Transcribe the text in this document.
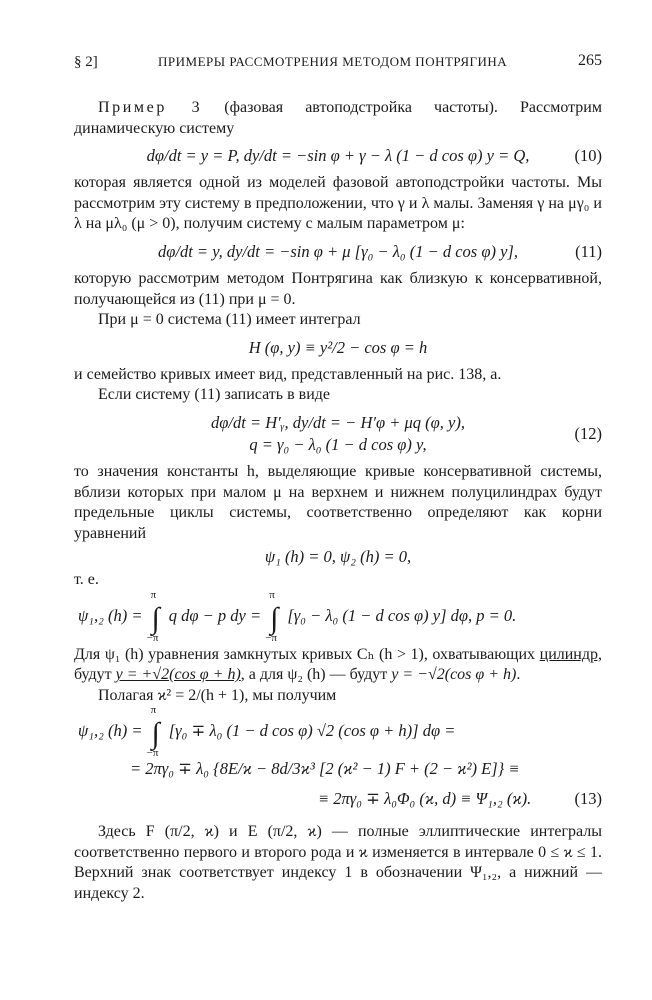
§ 2]	ПРИМЕРЫ РАССМОТРЕНИЯ МЕТОДОМ ПОНТРЯГИНА	265

Пример 3 (фазовая автоподстройка частоты). Рассмотрим динамическую систему

dφ/dt = y = P, dy/dt = −sin φ + γ − λ (1 − d cos φ) y = Q,	(10)

которая является одной из моделей фазовой автоподстройки частоты. Мы рассмотрим эту систему в предположении, что γ и λ малы. Заменяя γ на μγ₀ и λ на μλ₀ (μ > 0), получим систему с малым параметром μ:

dφ/dt = y, dy/dt = −sin φ + μ [γ₀ − λ₀ (1 − d cos φ) y],	(11)

которую рассмотрим методом Понтрягина как близкую к консервативной, получающейся из (11) при μ = 0.

При μ = 0 система (11) имеет интеграл

H (φ, y) ≡ y²/2 − cos φ = h

и семейство кривых имеет вид, представленный на рис. 138, а.

Если систему (11) записать в виде

dφ/dt = H′ᵧ, dy/dt = − H′φ + μq (φ, y),
q = γ₀ − λ₀ (1 − d cos φ) y,
(12)

то значения константы h, выделяющие кривые консервативной системы, вблизи которых при малом μ на верхнем и нижнем полуцилиндрах будут предельные циклы системы, соответственно определяют как корни уравнений

ψ₁ (h) = 0, ψ₂ (h) = 0,

т. е.

ψ₁,₂ (h) = ∫
π
−π
q dφ − p dy = ∫
π
−π
[γ₀ − λ₀ (1 − d cos φ) y] dφ, p = 0.

Для ψ₁ (h) уравнения замкнутых кривых Cₕ (h > 1), охватывающих цилиндр, будут y = +√2(cos φ + h), а для ψ₂ (h) — будут y = −√2(cos φ + h).

Полагая ϰ² = 2/(h + 1), мы получим

ψ₁,₂ (h) = ∫
π
−π
[γ₀ ∓ λ₀ (1 − d cos φ) √2 (cos φ + h)] dφ =
= 2πγ₀ ∓ λ₀ {8E/ϰ − 8d/3ϰ³ [2 (ϰ² − 1) F + (2 − ϰ²) E]} ≡
≡ 2πγ₀ ∓ λ₀Φ₀ (ϰ, d) ≡ Ψ₁,₂ (ϰ).	(13)

Здесь F (π/2, ϰ) и E (π/2, ϰ) — полные эллиптические интегралы соответственно первого и второго рода и ϰ изменяется в интервале 0 ≤ ϰ ≤ 1. Верхний знак соответствует индексу 1 в обозначении Ψ₁,₂, а нижний — индексу 2.
